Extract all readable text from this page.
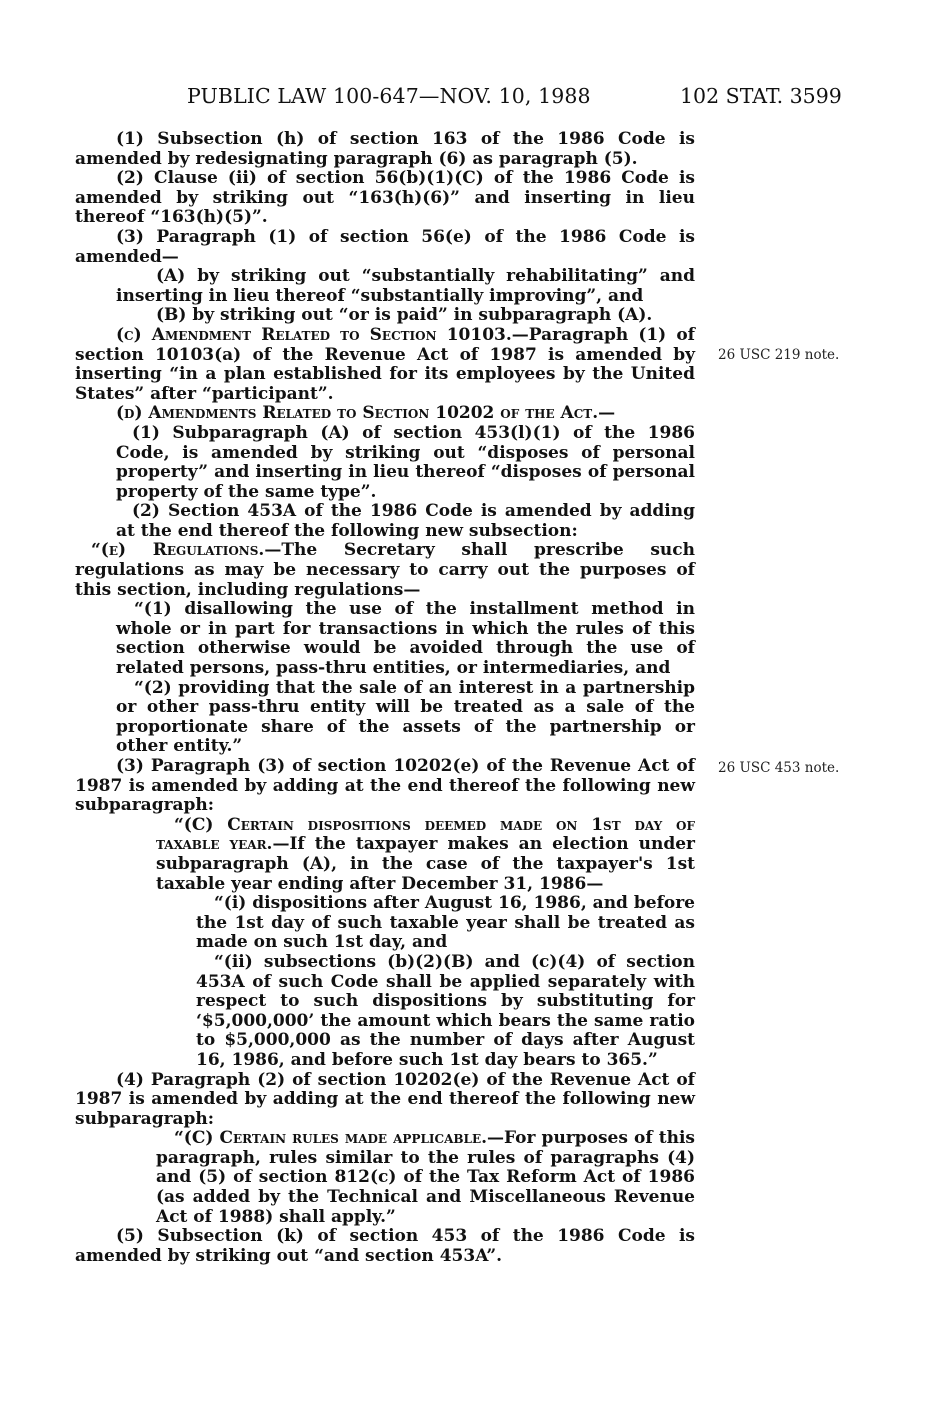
PUBLIC LAW 100-647—NOV. 10, 1988	102 STAT. 3599
26 USC 219 note.
26 USC 453 note.

(1) Subsection (h) of section 163 of the 1986 Code is amended by redesignating paragraph (6) as paragraph (5).

(2) Clause (ii) of section 56(b)(1)(C) of the 1986 Code is amended by striking out “163(h)(6)” and inserting in lieu thereof “163(h)(5)”.

(3) Paragraph (1) of section 56(e) of the 1986 Code is amended—

(A) by striking out “substantially rehabilitating” and inserting in lieu thereof “substantially improving”, and

(B) by striking out “or is paid” in subparagraph (A).

(c) Amendment Related to Section 10103.—Paragraph (1) of section 10103(a) of the Revenue Act of 1987 is amended by inserting “in a plan established for its employees by the United States” after “participant”.

(d) Amendments Related to Section 10202 of the Act.—

(1) Subparagraph (A) of section 453(l)(1) of the 1986 Code, is amended by striking out “disposes of personal property” and inserting in lieu thereof “disposes of personal property of the same type”.

(2) Section 453A of the 1986 Code is amended by adding at the end thereof the following new subsection:

“(e) Regulations.—The Secretary shall prescribe such regulations as may be necessary to carry out the purposes of this section, including regulations—

“(1) disallowing the use of the installment method in whole or in part for transactions in which the rules of this section otherwise would be avoided through the use of related persons, pass-thru entities, or intermediaries, and

“(2) providing that the sale of an interest in a partnership or other pass-thru entity will be treated as a sale of the proportionate share of the assets of the partnership or other entity.”

(3) Paragraph (3) of section 10202(e) of the Revenue Act of 1987 is amended by adding at the end thereof the following new subparagraph:

“(C) Certain dispositions deemed made on 1st day of taxable year.—If the taxpayer makes an election under subparagraph (A), in the case of the taxpayer's 1st taxable year ending after December 31, 1986—

“(i) dispositions after August 16, 1986, and before the 1st day of such taxable year shall be treated as made on such 1st day, and

“(ii) subsections (b)(2)(B) and (c)(4) of section 453A of such Code shall be applied separately with respect to such dispositions by substituting for ‘$5,000,000’ the amount which bears the same ratio to $5,000,000 as the number of days after August 16, 1986, and before such 1st day bears to 365.”

(4) Paragraph (2) of section 10202(e) of the Revenue Act of 1987 is amended by adding at the end thereof the following new subparagraph:

“(C) Certain rules made applicable.—For purposes of this paragraph, rules similar to the rules of paragraphs (4) and (5) of section 812(c) of the Tax Reform Act of 1986 (as added by the Technical and Miscellaneous Revenue Act of 1988) shall apply.”

(5) Subsection (k) of section 453 of the 1986 Code is amended by striking out “and section 453A”.
